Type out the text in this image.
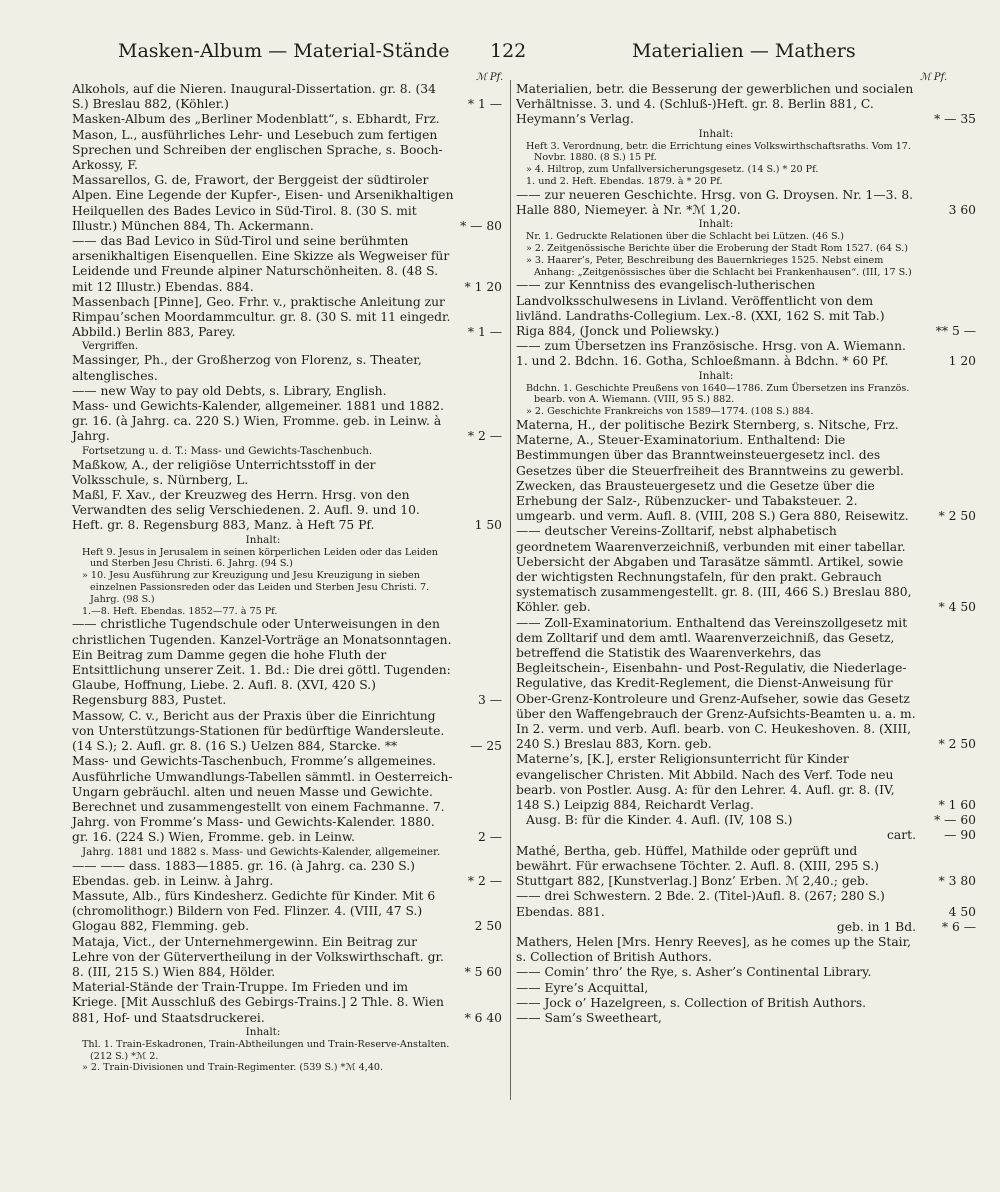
Masken-Album — Material-Stände 122	Materialien — Mathers
ℳ Pf.	ℳ Pf.

Alkohols, auf die Nieren. Inaugural-Dissertation. gr. 8. (34 S.) Breslau 882, (Köhler.)	* 1 —

Masken-Album des „Berliner Modenblatt“, s. Ebhardt, Frz.

Mason, L., ausführliches Lehr- und Lesebuch zum fertigen Sprechen und Schreiben der englischen Sprache, s. Booch-Arkossy, F.

Massarellos, G. de, Frawort, der Berggeist der südtiroler Alpen. Eine Legende der Kupfer-, Eisen- und Arsenikhaltigen Heilquellen des Bades Levico in Süd-Tirol. 8. (30 S. mit Illustr.) München 884, Th. Ackermann.	* — 80

—— das Bad Levico in Süd-Tirol und seine berühmten arsenikhaltigen Eisenquellen. Eine Skizze als Wegweiser für Leidende und Freunde alpiner Naturschönheiten. 8. (48 S. mit 12 Illustr.) Ebendas. 884.	* 1 20

Massenbach [Pinne], Geo. Frhr. v., praktische Anleitung zur Rimpau’schen Moordammcultur. gr. 8. (30 S. mit 11 eingedr. Abbild.) Berlin 883, Parey.	* 1 —

Vergriffen.

Massinger, Ph., der Großherzog von Florenz, s. Theater, altenglisches.

—— new Way to pay old Debts, s. Library, English.

Mass- und Gewichts-Kalender, allgemeiner. 1881 und 1882. gr. 16. (à Jahrg. ca. 220 S.) Wien, Fromme. geb. in Leinw. à Jahrg.	* 2 —

Fortsetzung u. d. T.: Mass- und Gewichts-Taschenbuch.

Maßkow, A., der religiöse Unterrichtsstoff in der Volksschule, s. Nürnberg, L.

Maßl, F. Xav., der Kreuzweg des Herrn. Hrsg. von den Verwandten des selig Verschiedenen. 2. Aufl. 9. und 10. Heft. gr. 8. Regensburg 883, Manz. à Heft 75 Pf.	1 50

Inhalt:

Heft 9. Jesus in Jerusalem in seinen körperlichen Leiden oder das Leiden und Sterben Jesu Christi. 6. Jahrg. (94 S.)

» 10. Jesu Ausführung zur Kreuzigung und Jesu Kreuzigung in sieben einzelnen Passionsreden oder das Leiden und Sterben Jesu Christi. 7. Jahrg. (98 S.)

1.—8. Heft. Ebendas. 1852—77. à 75 Pf.

—— christliche Tugendschule oder Unterweisungen in den christlichen Tugenden. Kanzel-Vorträge an Monatsonntagen. Ein Beitrag zum Damme gegen die hohe Fluth der Entsittlichung unserer Zeit. 1. Bd.: Die drei göttl. Tugenden: Glaube, Hoffnung, Liebe. 2. Aufl. 8. (XVI, 420 S.) Regensburg 883, Pustet.	3 —

Massow, C. v., Bericht aus der Praxis über die Einrichtung von Unterstützungs-Stationen für bedürftige Wandersleute. (14 S.); 2. Aufl. gr. 8. (16 S.) Uelzen 884, Starcke. **	— 25

Mass- und Gewichts-Taschenbuch, Fromme’s allgemeines. Ausführliche Umwandlungs-Tabellen sämmtl. in Oesterreich-Ungarn gebräuchl. alten und neuen Masse und Gewichte. Berechnet und zusammengestellt von einem Fachmanne. 7. Jahrg. von Fromme’s Mass- und Gewichts-Kalender. 1880. gr. 16. (224 S.) Wien, Fromme. geb. in Leinw.	2 —

Jahrg. 1881 und 1882 s. Mass- und Gewichts-Kalender, allgemeiner.

—— —— dass. 1883—1885. gr. 16. (à Jahrg. ca. 230 S.) Ebendas. geb. in Leinw. à Jahrg.	* 2 —

Massute, Alb., fürs Kindesherz. Gedichte für Kinder. Mit 6 (chromolithogr.) Bildern von Fed. Flinzer. 4. (VIII, 47 S.) Glogau 882, Flemming. geb.	2 50

Mataja, Vict., der Unternehmergewinn. Ein Beitrag zur Lehre von der Gütervertheilung in der Volkswirthschaft. gr. 8. (III, 215 S.) Wien 884, Hölder.	* 5 60

Material-Stände der Train-Truppe. Im Frieden und im Kriege. [Mit Ausschluß des Gebirgs-Trains.] 2 Thle. 8. Wien 881, Hof- und Staatsdruckerei.	* 6 40

Inhalt:

Thl. 1. Train-Eskadronen, Train-Abtheilungen und Train-Reserve-Anstalten. (212 S.) *ℳ 2.

» 2. Train-Divisionen und Train-Regimenter. (539 S.) *ℳ 4,40.

Materialien, betr. die Besserung der gewerblichen und socialen Verhältnisse. 3. und 4. (Schluß-)Heft. gr. 8. Berlin 881, C. Heymann’s Verlag.	* — 35

Inhalt:

Heft 3. Verordnung, betr. die Errichtung eines Volkswirthschaftsraths. Vom 17. Novbr. 1880. (8 S.) 15 Pf.

» 4. Hiltrop, zum Unfallversicherungsgesetz. (14 S.) * 20 Pf.

1. und 2. Heft. Ebendas. 1879. à * 20 Pf.

—— zur neueren Geschichte. Hrsg. von G. Droysen. Nr. 1—3. 8. Halle 880, Niemeyer. à Nr. *ℳ 1,20.	3 60

Inhalt:

Nr. 1. Gedruckte Relationen über die Schlacht bei Lützen. (46 S.)

» 2. Zeitgenössische Berichte über die Eroberung der Stadt Rom 1527. (64 S.)

» 3. Haarer’s, Peter, Beschreibung des Bauernkrieges 1525. Nebst einem Anhang: „Zeitgenössisches über die Schlacht bei Frankenhausen“. (III, 17 S.)

—— zur Kenntniss des evangelisch-lutherischen Landvolksschulwesens in Livland. Veröffentlicht von dem livländ. Landraths-Collegium. Lex.-8. (XXI, 162 S. mit Tab.) Riga 884, (Jonck und Poliewsky.)	** 5 —

—— zum Übersetzen ins Französische. Hrsg. von A. Wiemann. 1. und 2. Bdchn. 16. Gotha, Schloeßmann. à Bdchn. * 60 Pf.	1 20

Inhalt:

Bdchn. 1. Geschichte Preußens von 1640—1786. Zum Übersetzen ins Französ. bearb. von A. Wiemann. (VIII, 95 S.) 882.

» 2. Geschichte Frankreichs von 1589—1774. (108 S.) 884.

Materna, H., der politische Bezirk Sternberg, s. Nitsche, Frz.

Materne, A., Steuer-Examinatorium. Enthaltend: Die Bestimmungen über das Branntweinsteuergesetz incl. des Gesetzes über die Steuerfreiheit des Branntweins zu gewerbl. Zwecken, das Brausteuergesetz und die Gesetze über die Erhebung der Salz-, Rübenzucker- und Tabaksteuer. 2. umgearb. und verm. Aufl. 8. (VIII, 208 S.) Gera 880, Reisewitz. * 2 50

—— deutscher Vereins-Zolltarif, nebst alphabetisch geordnetem Waarenverzeichniß, verbunden mit einer tabellar. Uebersicht der Abgaben und Tarasätze sämmtl. Artikel, sowie der wichtigsten Rechnungstafeln, für den prakt. Gebrauch systematisch zusammengestellt. gr. 8. (III, 466 S.) Breslau 880, Köhler. geb.	* 4 50

—— Zoll-Examinatorium. Enthaltend das Vereinszollgesetz mit dem Zolltarif und dem amtl. Waarenverzeichniß, das Gesetz, betreffend die Statistik des Waarenverkehrs, das Begleitschein-, Eisenbahn- und Post-Regulativ, die Niederlage-Regulative, das Kredit-Reglement, die Dienst-Anweisung für Ober-Grenz-Kontroleure und Grenz-Aufseher, sowie das Gesetz über den Waffengebrauch der Grenz-Aufsichts-Beamten u. a. m. In 2. verm. und verb. Aufl. bearb. von C. Heukeshoven. 8. (XIII, 240 S.) Breslau 883, Korn. geb.	* 2 50

Materne’s, [K.], erster Religionsunterricht für Kinder evangelischer Christen. Mit Abbild. Nach des Verf. Tode neu bearb. von Postler. Ausg. A: für den Lehrer. 4. Aufl. gr. 8. (IV, 148 S.) Leipzig 884, Reichardt Verlag.	* 1 60

Ausg. B: für die Kinder. 4. Aufl. (IV, 108 S.)	* — 60

cart. — 90

Mathé, Bertha, geb. Hüffel, Mathilde oder geprüft und bewährt. Für erwachsene Töchter. 2. Aufl. 8. (XIII, 295 S.) Stuttgart 882, [Kunstverlag.] Bonz’ Erben. ℳ 2,40.; geb.	* 3 80

—— drei Schwestern. 2 Bde. 2. (Titel-)Aufl. 8. (267; 280 S.) Ebendas. 881.	4 50

geb. in 1 Bd. * 6 —

Mathers, Helen [Mrs. Henry Reeves], as he comes up the Stair, s. Collection of British Authors.

—— Comin’ thro’ the Rye, s. Asher’s Continental Library.

—— Eyre’s Acquittal,

—— Jock o’ Hazelgreen, s. Collection of British Authors.

—— Sam’s Sweetheart,
